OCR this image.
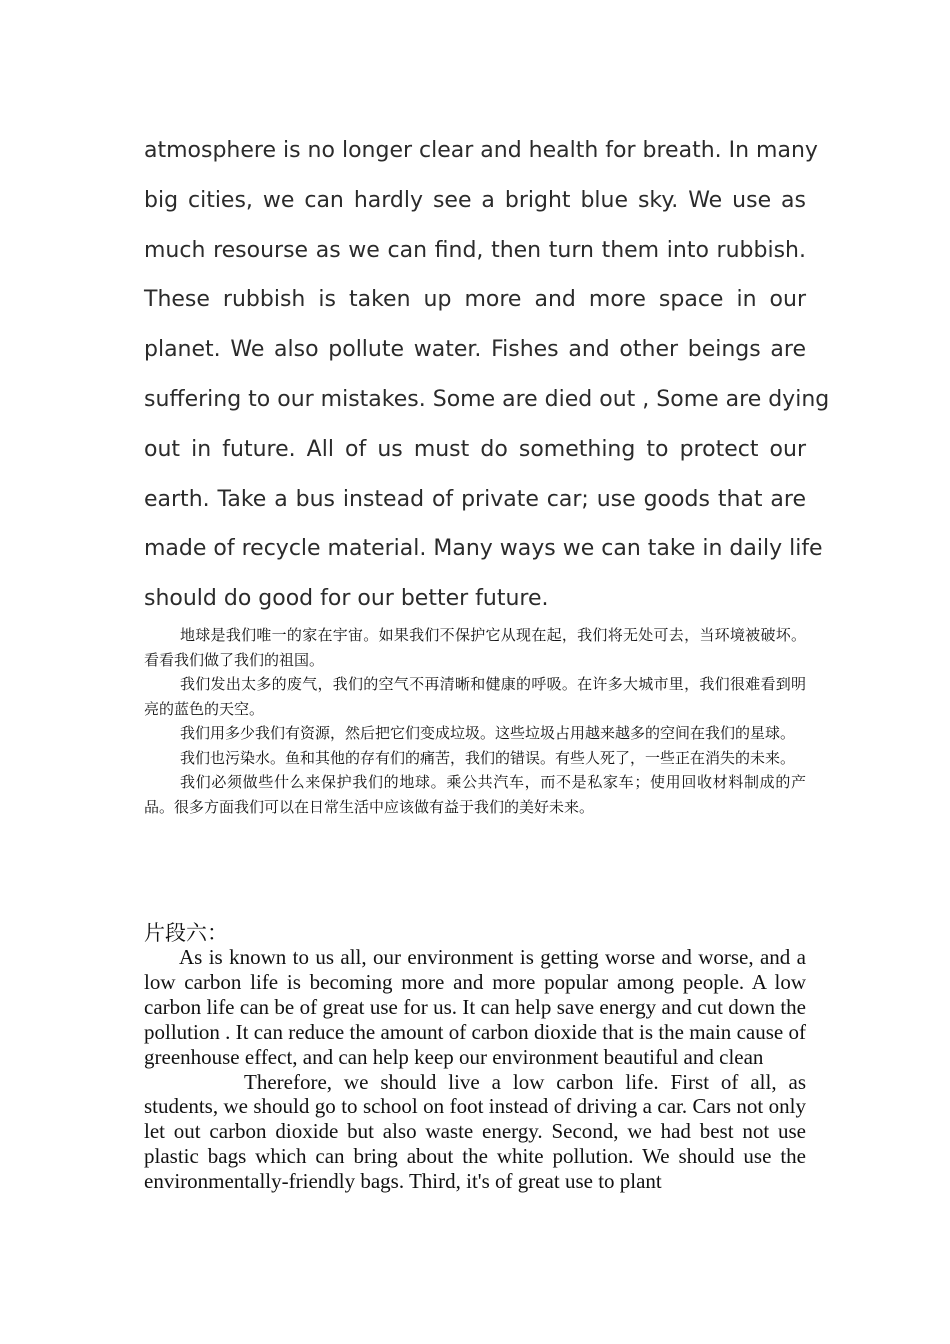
atmosphere is no longer clear and health for breath. In many
big cities, we can hardly see a bright blue sky. We use as
much resourse as we can find, then turn them into rubbish.
These rubbish is taken up more and more space in our
planet. We also pollute water. Fishes and other beings are
suffering to our mistakes. Some are died out , Some are dying
out in future. All of us must do something to protect our
earth. Take a bus instead of private car; use goods that are
made of recycle material. Many ways we can take in daily life
should do good for our better future.

地球是我们唯一的家在宇宙。如果我们不保护它从现在起，我们将无处可去，当环境被破坏。看看我们做了我们的祖国。

我们发出太多的废气，我们的空气不再清晰和健康的呼吸。在许多大城市里，我们很难看到明亮的蓝色的天空。

我们用多少我们有资源，然后把它们变成垃圾。这些垃圾占用越来越多的空间在我们的星球。

我们也污染水。鱼和其他的存有们的痛苦，我们的错误。有些人死了，一些正在消失的未来。

我们必须做些什么来保护我们的地球。乘公共汽车，而不是私家车；使用回收材料制成的产品。很多方面我们可以在日常生活中应该做有益于我们的美好未来。

片段六：

As is known to us all, our environment is getting worse and worse, and a low carbon life is becoming more and more popular among people. A low carbon life can be of great use for us. It can help save energy and cut down the pollution . It can reduce the amount of carbon dioxide that is the main cause of greenhouse effect, and can help keep our environment beautiful and clean

Therefore, we should live a low carbon life. First of all, as students, we should go to school on foot instead of driving a car. Cars not only let out carbon dioxide but also waste energy. Second, we had best not use plastic bags which can bring about the white pollution. We should use the environmentally-friendly bags. Third, it's of great use to plant
